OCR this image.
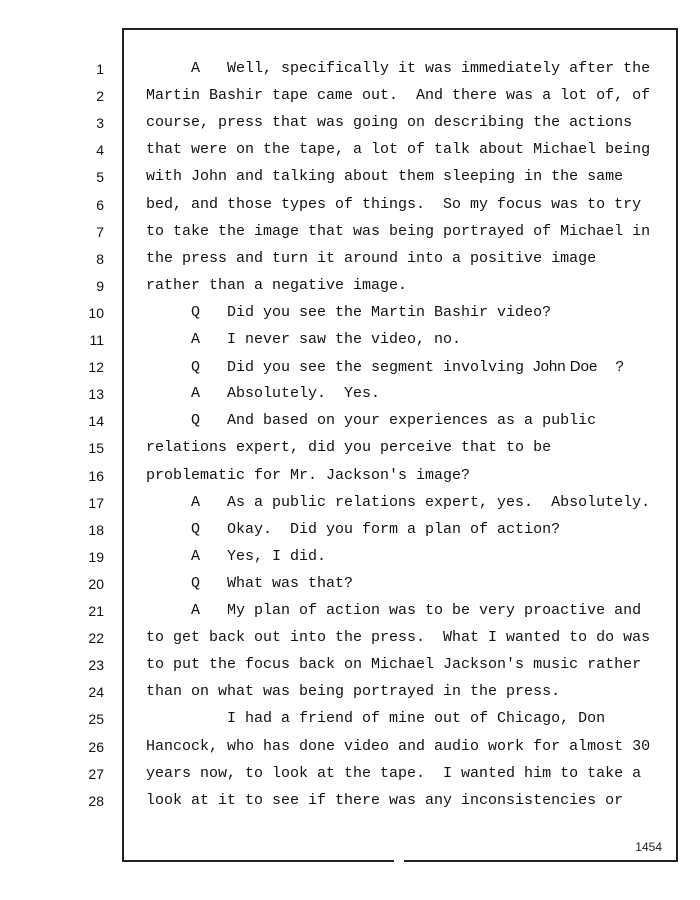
1	A   Well, specifically it was immediately after the
2	Martin Bashir tape came out.  And there was a lot of, of
3	course, press that was going on describing the actions
4	that were on the tape, a lot of talk about Michael being
5	with John and talking about them sleeping in the same
6	bed, and those types of things.  So my focus was to try
7	to take the image that was being portrayed of Michael in
8	the press and turn it around into a positive image
9	rather than a negative image.
10	Q   Did you see the Martin Bashir video?
11	A   I never saw the video, no.
12	Q   Did you see the segment involving John Doe  ?
13	A   Absolutely.  Yes.
14	Q   And based on your experiences as a public
15	relations expert, did you perceive that to be
16	problematic for Mr. Jackson's image?
17	A   As a public relations expert, yes.  Absolutely.
18	Q   Okay.  Did you form a plan of action?
19	A   Yes, I did.
20	Q   What was that?
21	A   My plan of action was to be very proactive and
22	to get back out into the press.  What I wanted to do was
23	to put the focus back on Michael Jackson's music rather
24	than on what was being portrayed in the press.
25	I had a friend of mine out of Chicago, Don
26	Hancock, who has done video and audio work for almost 30
27	years now, to look at the tape.  I wanted him to take a
28	look at it to see if there was any inconsistencies or
1454
